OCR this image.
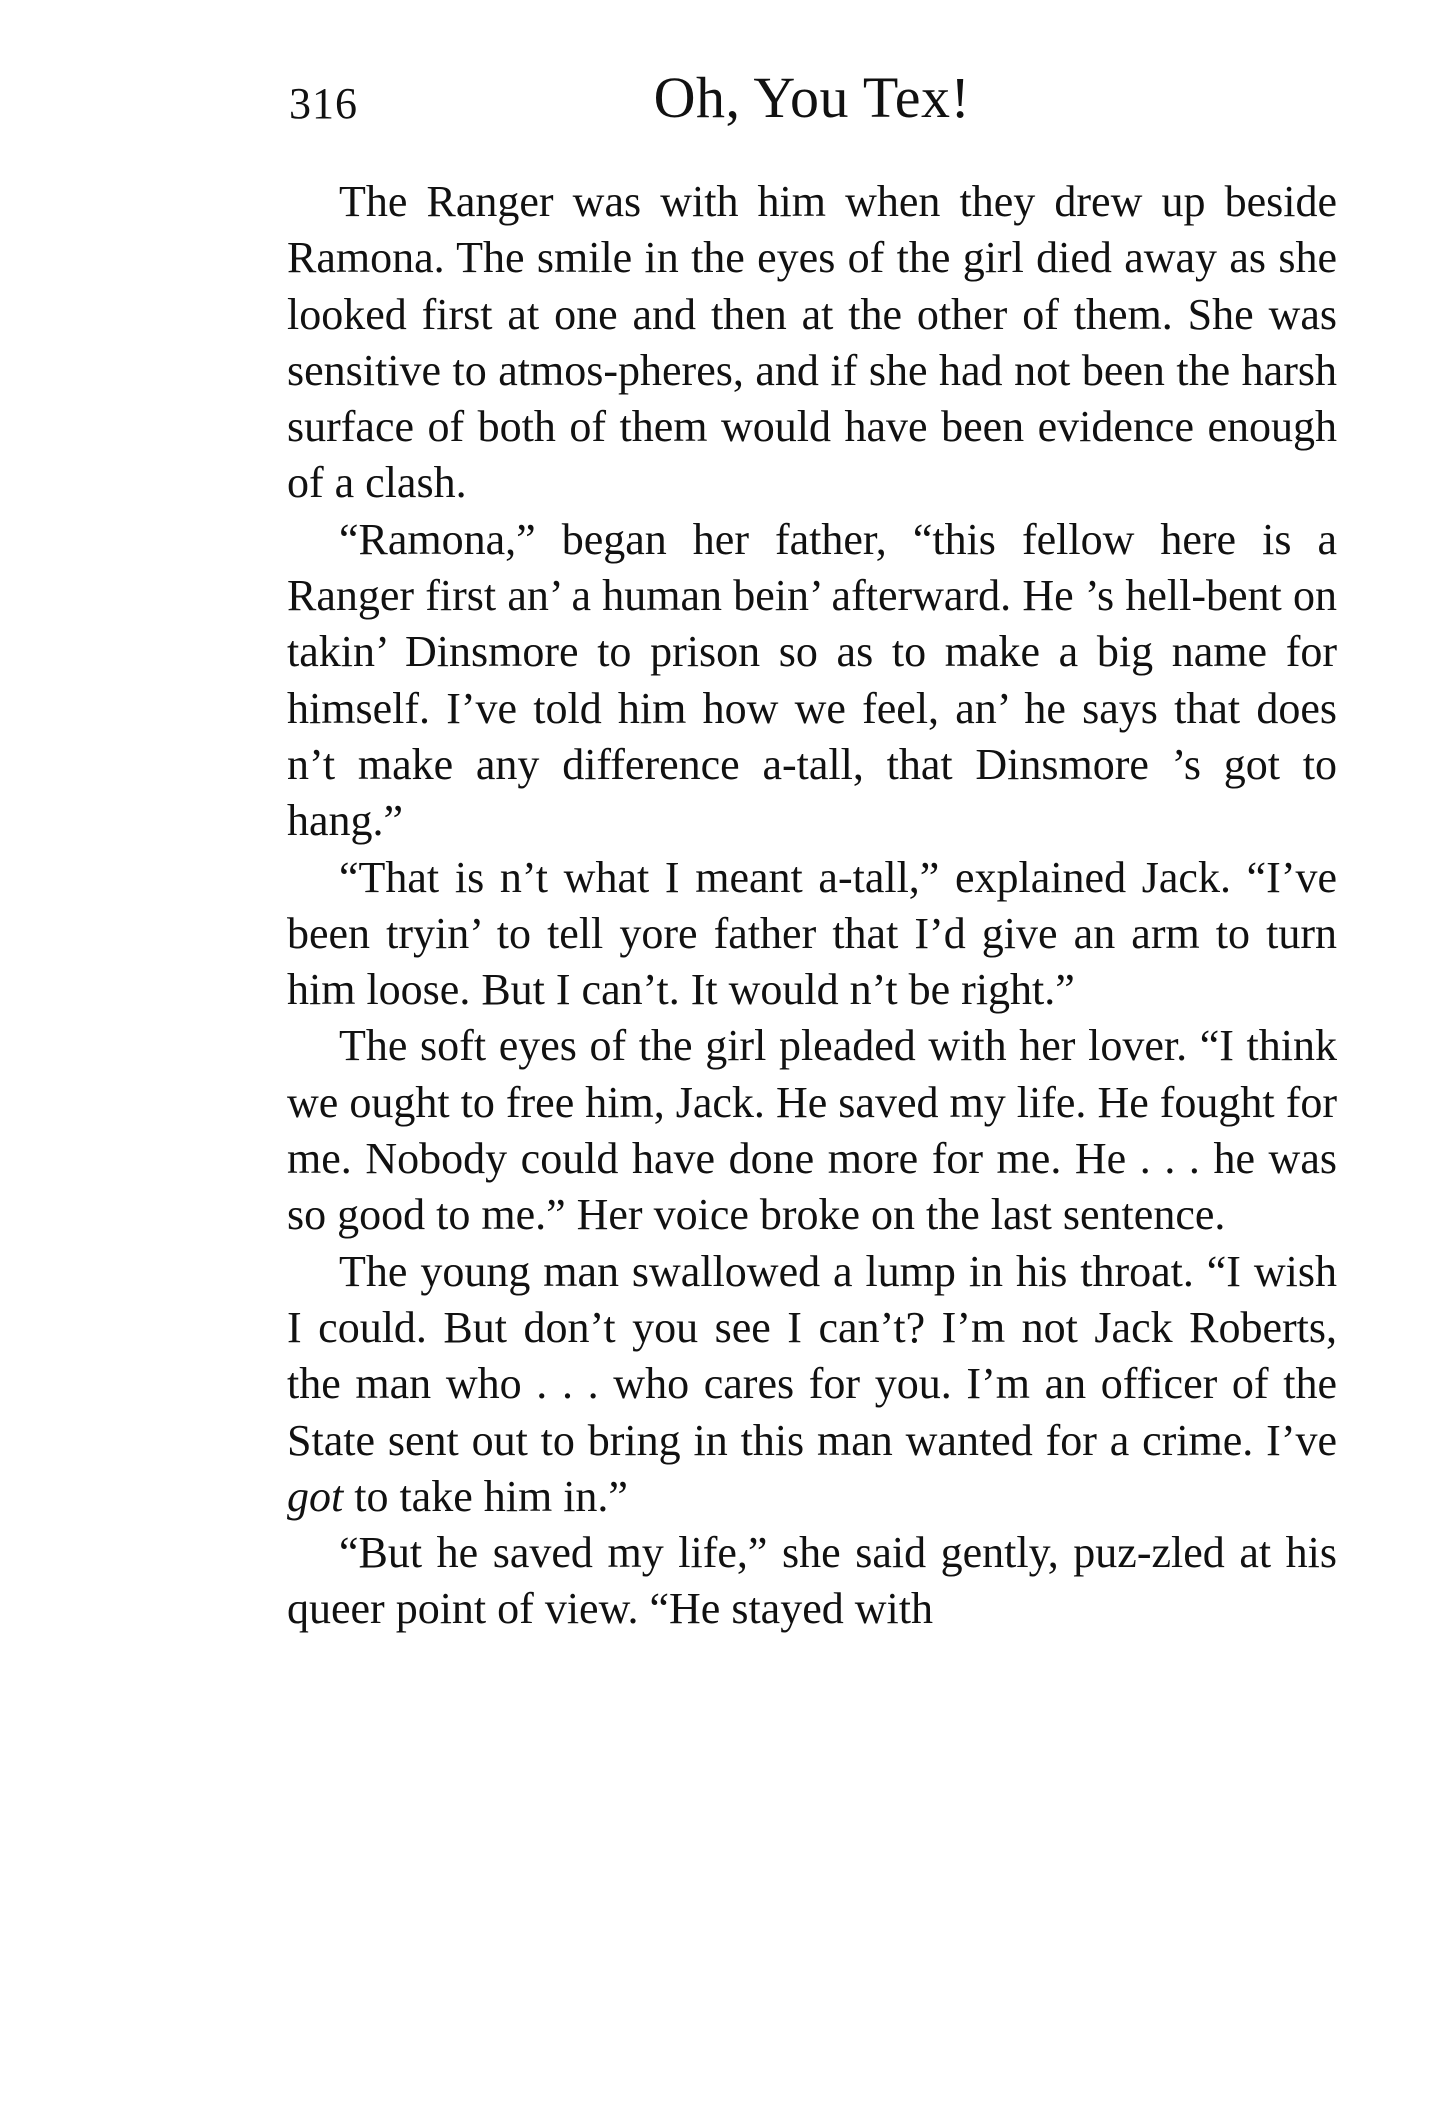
316	Oh, You Tex!

The Ranger was with him when they drew up beside Ramona. The smile in the eyes of the girl died away as she looked first at one and then at the other of them. She was sensitive to atmos-pheres, and if she had not been the harsh surface of both of them would have been evidence enough of a clash.

“Ramona,” began her father, “this fellow here is a Ranger first an’ a human bein’ afterward. He ’s hell-bent on takin’ Dinsmore to prison so as to make a big name for himself. I’ve told him how we feel, an’ he says that does n’t make any difference a-tall, that Dinsmore ’s got to hang.”

“That is n’t what I meant a-tall,” explained Jack. “I’ve been tryin’ to tell yore father that I’d give an arm to turn him loose. But I can’t. It would n’t be right.”

The soft eyes of the girl pleaded with her lover. “I think we ought to free him, Jack. He saved my life. He fought for me. Nobody could have done more for me. He . . . he was so good to me.” Her voice broke on the last sentence.

The young man swallowed a lump in his throat. “I wish I could. But don’t you see I can’t? I’m not Jack Roberts, the man who . . . who cares for you. I’m an officer of the State sent out to bring in this man wanted for a crime. I’ve got to take him in.”

“But he saved my life,” she said gently, puz-zled at his queer point of view. “He stayed with
